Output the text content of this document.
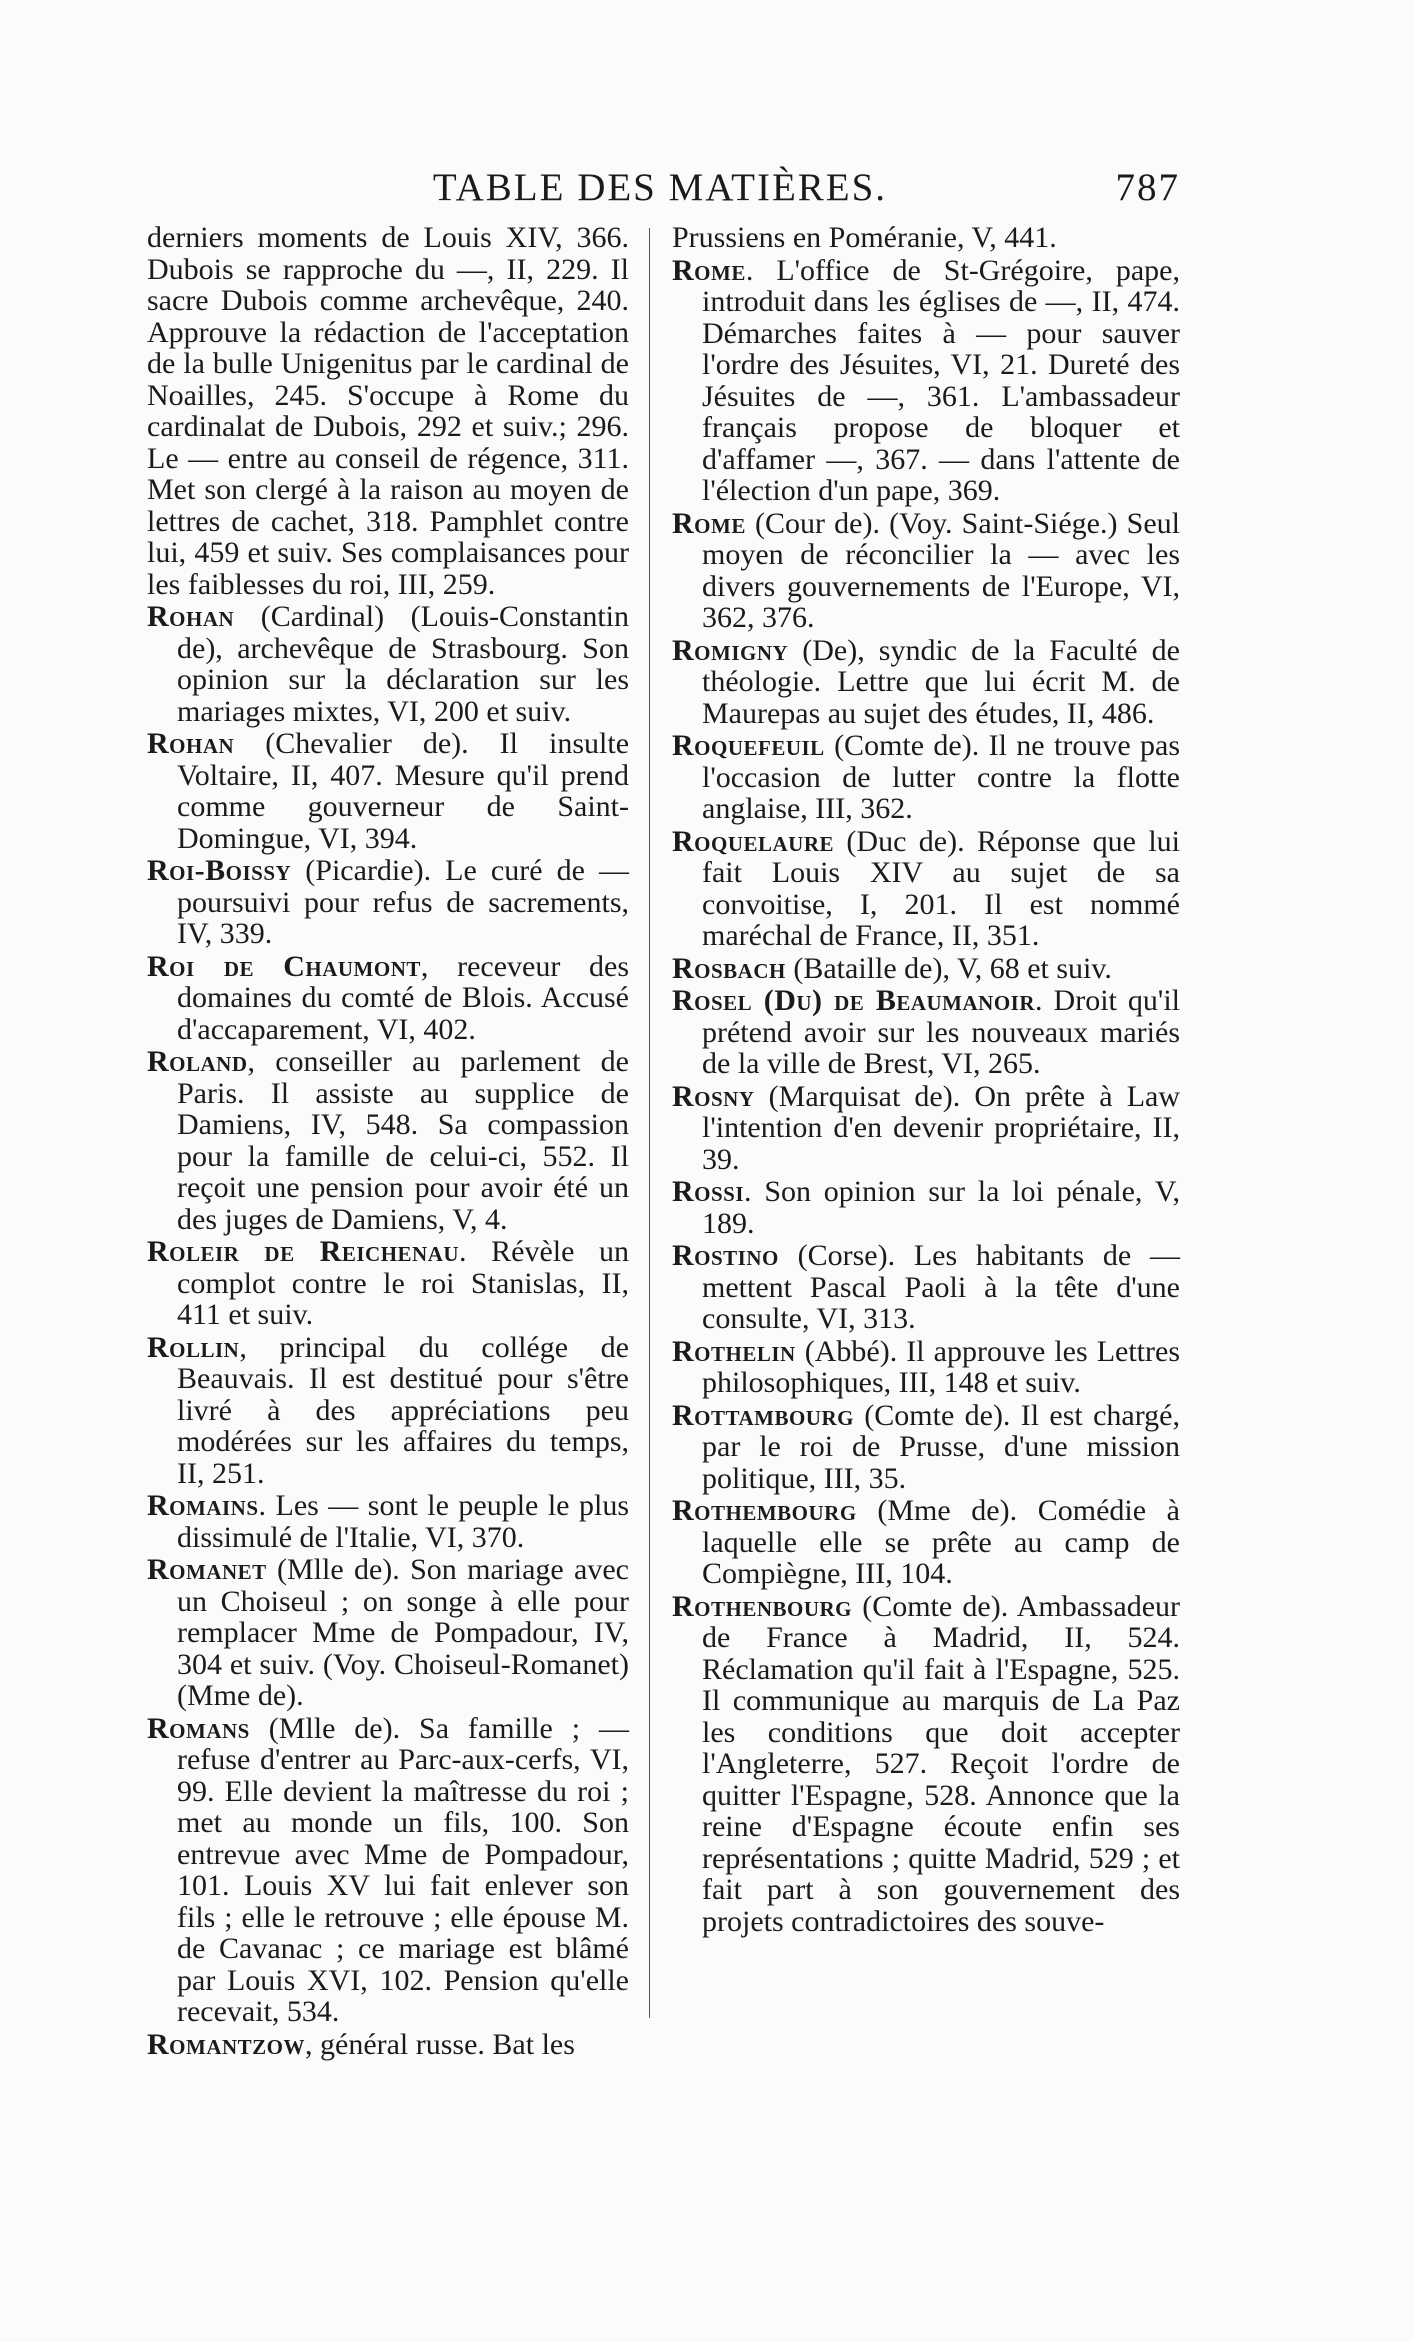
TABLE DES MATIÈRES.	787

derniers moments de Louis XIV, 366. Dubois se rapproche du —, II, 229. Il sacre Dubois comme archevêque, 240. Approuve la rédaction de l'acceptation de la bulle Unigenitus par le cardinal de Noailles, 245. S'occupe à Rome du cardinalat de Dubois, 292 et suiv.; 296. Le — entre au conseil de régence, 311. Met son clergé à la raison au moyen de lettres de cachet, 318. Pamphlet contre lui, 459 et suiv. Ses complaisances pour les faiblesses du roi, III, 259.

Rohan (Cardinal) (Louis-Constantin de), archevêque de Strasbourg. Son opinion sur la déclaration sur les mariages mixtes, VI, 200 et suiv.

Rohan (Chevalier de). Il insulte Voltaire, II, 407. Mesure qu'il prend comme gouverneur de Saint-Domingue, VI, 394.

Roi-Boissy (Picardie). Le curé de — poursuivi pour refus de sacrements, IV, 339.

Roi de Chaumont, receveur des domaines du comté de Blois. Accusé d'accaparement, VI, 402.

Roland, conseiller au parlement de Paris. Il assiste au supplice de Damiens, IV, 548. Sa compassion pour la famille de celui-ci, 552. Il reçoit une pension pour avoir été un des juges de Damiens, V, 4.

Roleir de Reichenau. Révèle un complot contre le roi Stanislas, II, 411 et suiv.

Rollin, principal du collége de Beauvais. Il est destitué pour s'être livré à des appréciations peu modérées sur les affaires du temps, II, 251.

Romains. Les — sont le peuple le plus dissimulé de l'Italie, VI, 370.

Romanet (Mlle de). Son mariage avec un Choiseul ; on songe à elle pour remplacer Mme de Pompadour, IV, 304 et suiv. (Voy. Choiseul-Romanet) (Mme de).

Romans (Mlle de). Sa famille ; — refuse d'entrer au Parc-aux-cerfs, VI, 99. Elle devient la maîtresse du roi ; met au monde un fils, 100. Son entrevue avec Mme de Pompadour, 101. Louis XV lui fait enlever son fils ; elle le retrouve ; elle épouse M. de Cavanac ; ce mariage est blâmé par Louis XVI, 102. Pension qu'elle recevait, 534.

Romantzow, général russe. Bat les

Prussiens en Poméranie, V, 441.

Rome. L'office de St-Grégoire, pape, introduit dans les églises de —, II, 474. Démarches faites à — pour sauver l'ordre des Jésuites, VI, 21. Dureté des Jésuites de —, 361. L'ambassadeur français propose de bloquer et d'affamer —, 367. — dans l'attente de l'élection d'un pape, 369.

Rome (Cour de). (Voy. Saint-Siége.) Seul moyen de réconcilier la — avec les divers gouvernements de l'Europe, VI, 362, 376.

Romigny (De), syndic de la Faculté de théologie. Lettre que lui écrit M. de Maurepas au sujet des études, II, 486.

Roquefeuil (Comte de). Il ne trouve pas l'occasion de lutter contre la flotte anglaise, III, 362.

Roquelaure (Duc de). Réponse que lui fait Louis XIV au sujet de sa convoitise, I, 201. Il est nommé maréchal de France, II, 351.

Rosbach (Bataille de), V, 68 et suiv.

Rosel (Du) de Beaumanoir. Droit qu'il prétend avoir sur les nouveaux mariés de la ville de Brest, VI, 265.

Rosny (Marquisat de). On prête à Law l'intention d'en devenir propriétaire, II, 39.

Rossi. Son opinion sur la loi pénale, V, 189.

Rostino (Corse). Les habitants de — mettent Pascal Paoli à la tête d'une consulte, VI, 313.

Rothelin (Abbé). Il approuve les Lettres philosophiques, III, 148 et suiv.

Rottambourg (Comte de). Il est chargé, par le roi de Prusse, d'une mission politique, III, 35.

Rothembourg (Mme de). Comédie à laquelle elle se prête au camp de Compiègne, III, 104.

Rothenbourg (Comte de). Ambassadeur de France à Madrid, II, 524. Réclamation qu'il fait à l'Espagne, 525. Il communique au marquis de La Paz les conditions que doit accepter l'Angleterre, 527. Reçoit l'ordre de quitter l'Espagne, 528. Annonce que la reine d'Espagne écoute enfin ses représentations ; quitte Madrid, 529 ; et fait part à son gouvernement des projets contradictoires des souve-
